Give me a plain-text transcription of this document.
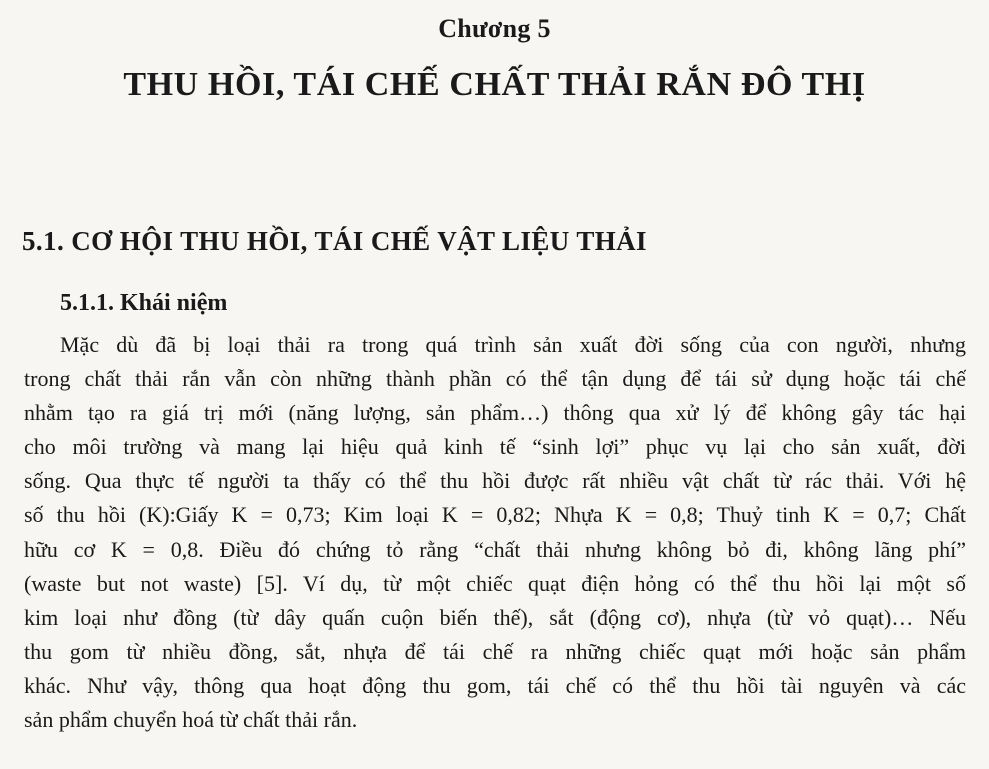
Chương 5
THU HỒI, TÁI CHẾ CHẤT THẢI RẮN ĐÔ THỊ
5.1. CƠ HỘI THU HỒI, TÁI CHẾ VẬT LIỆU THẢI
5.1.1. Khái niệm
Mặc dù đã bị loại thải ra trong quá trình sản xuất đời sống của con người, nhưng
trong chất thải rắn vẫn còn những thành phần có thể tận dụng để tái sử dụng hoặc tái chế
nhằm tạo ra giá trị mới (năng lượng, sản phẩm…) thông qua xử lý để không gây tác hại
cho môi trường và mang lại hiệu quả kinh tế “sinh lợi” phục vụ lại cho sản xuất, đời
sống. Qua thực tế người ta thấy có thể thu hồi được rất nhiều vật chất từ rác thải. Với hệ
số thu hồi (K):Giấy K = 0,73; Kim loại K = 0,82; Nhựa K = 0,8; Thuỷ tinh K = 0,7; Chất
hữu cơ K = 0,8. Điều đó chứng tỏ rằng “chất thải nhưng không bỏ đi, không lãng phí”
(waste but not waste) [5]. Ví dụ, từ một chiếc quạt điện hỏng có thể thu hồi lại một số
kim loại như đồng (từ dây quấn cuộn biến thế), sắt (động cơ), nhựa (từ vỏ quạt)… Nếu
thu gom từ nhiều đồng, sắt, nhựa để tái chế ra những chiếc quạt mới hoặc sản phẩm
khác. Như vậy, thông qua hoạt động thu gom, tái chế có thể thu hồi tài nguyên và các
sản phẩm chuyển hoá từ chất thải rắn.
